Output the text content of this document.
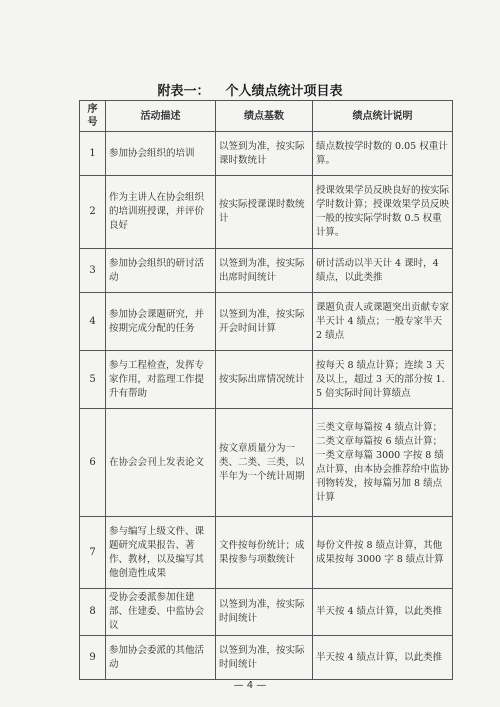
附表一： 个人绩点统计项目表
序号	活动描述	绩点基数	绩点统计说明
1	参加协会组织的培训	以签到为准，按实际课时数统计	绩点数按学时数的 0.05 权重计算。
2	作为主讲人在协会组织的培训班授课，并评价良好	按实际授课课时数统计	授课效果学员反映良好的按实际学时数计算；授课效果学员反映一般的按实际学时数 0.5 权重计算。
3	参加协会组织的研讨活动	以签到为准，按实际出席时间统计	研讨活动以半天计 4 课时，4 绩点，以此类推
4	参加协会课题研究，并按期完成分配的任务	以签到为准，按实际开会时间计算	课题负责人或课题突出贡献专家半天计 4 绩点；一般专家半天 2 绩点
5	参与工程检查，发挥专家作用，对监理工作提升有帮助	按实际出席情况统计	按每天 8 绩点计算；连续 3 天及以上，超过 3 天的部分按 1.5 倍实际时间计算绩点
6	在协会会刊上发表论文	按文章质量分为一类、二类、三类，以半年为一个统计周期	三类文章每篇按 4 绩点计算；二类文章每篇按 6 绩点计算；一类文章每篇 3000 字按 8 绩点计算，由本协会推荐给中监协刊物转发，按每篇另加 8 绩点计算
7	参与编写上级文件、课题研究成果报告、著作、教材，以及编写其他创造性成果	文件按每份统计；成果按参与项数统计	每份文件按 8 绩点计算，其他成果按每 3000 字 8 绩点计算
8	受协会委派参加住建部、住建委、中监协会议	以签到为准，按实际时间统计	半天按 4 绩点计算，以此类推
9	参加协会委派的其他活动	以签到为准，按实际时间统计	半天按 4 绩点计算，以此类推
— 4 —
